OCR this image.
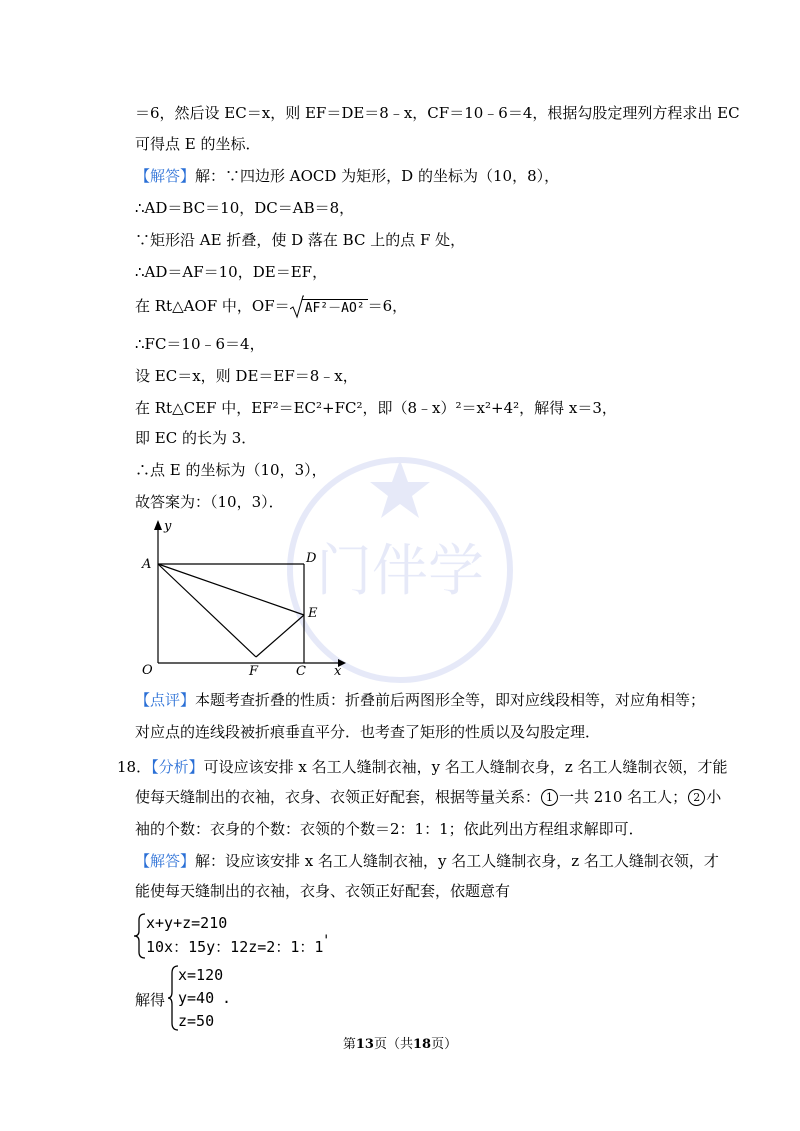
门伴学
＝6，然后设 EC＝x，则 EF＝DE＝8﹣x，CF＝10﹣6＝4，根据勾股定理列方程求出 EC
可得点 E 的坐标．
【解答】解：∵四边形 AOCD 为矩形，D 的坐标为（10，8），
∴AD＝BC＝10，DC＝AB＝8，
∵矩形沿 AE 折叠，使 D 落在 BC 上的点 F 处，
∴AD＝AF＝10，DE＝EF，
在 Rt△AOF 中，OF＝ AF²－AO² ＝6，
∴FC＝10﹣6＝4，
设 EC＝x，则 DE＝EF＝8﹣x，
在 Rt△CEF 中，EF²＝EC²+FC²，即（8﹣x）²＝x²+4²，解得 x＝3，
即 EC 的长为 3．
∴点 E 的坐标为（10，3），
故答案为：（10，3）．
y
A	D
E
O	F	C x
【点评】本题考查折叠的性质：折叠前后两图形全等，即对应线段相等，对应角相等；
对应点的连线段被折痕垂直平分．也考查了矩形的性质以及勾股定理．
18．【分析】可设应该安排 x 名工人缝制衣袖，y 名工人缝制衣身，z 名工人缝制衣领，才能
使每天缝制出的衣袖，衣身、衣领正好配套，根据等量关系： 1 一共 210 名工人； 2 小
袖的个数：衣身的个数：衣领的个数＝2：1：1；依此列出方程组求解即可．
【解答】解：设应该安排 x 名工人缝制衣袖，y 名工人缝制衣身，z 名工人缝制衣领，才
能使每天缝制出的衣袖，衣身、衣领正好配套，依题意有
x+y+z=210
10x：15y：12z=2：1：1
'
解得
x=120
y=40 .
z=50
第13页（共18页）
